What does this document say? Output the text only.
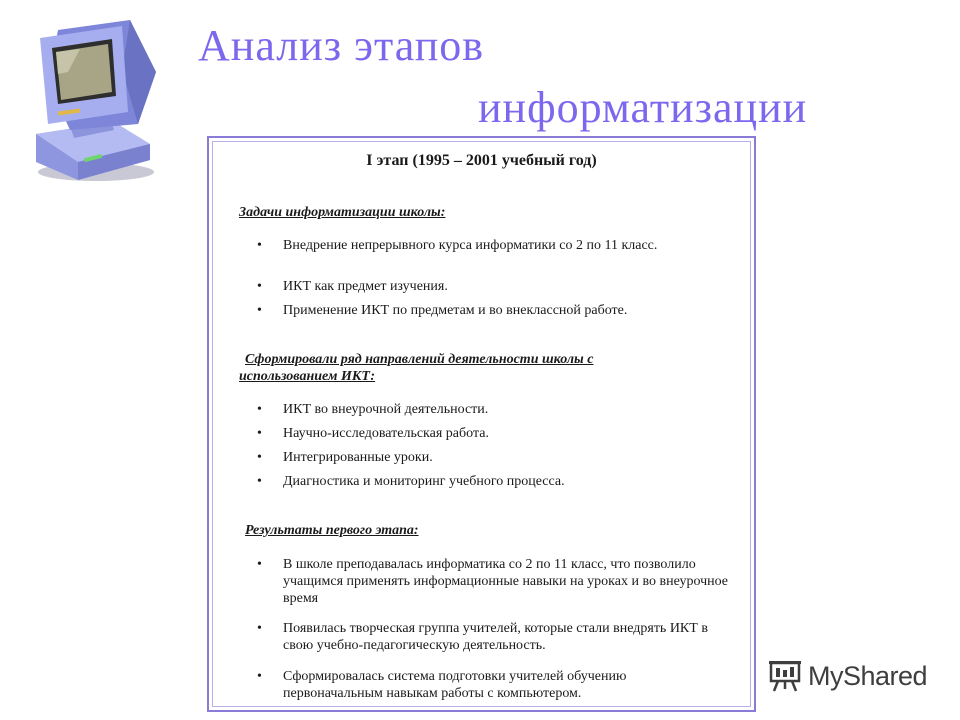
Анализ этапов
информатизации
I этап (1995 – 2001 учебный год)
Задачи информатизации школы:
• Внедрение непрерывного курса информатики со 2 по 11 класс.
• ИКТ как предмет изучения.
• Применение ИКТ по предметам и во внеклассной работе.
Сформировали ряд направлений деятельности школы с
использованием ИКТ:
• ИКТ во внеурочной деятельности.
• Научно-исследовательская работа.
• Интегрированные уроки.
• Диагностика и мониторинг учебного процесса.
Результаты первого этапа:
• В школе преподавалась информатика со 2 по 11 класс, что позволило учащимся применять информационные навыки на уроках и во внеурочное время
• Появилась творческая группа учителей, которые стали внедрять ИКТ в свою учебно-педагогическую деятельность.
• Сформировалась система подготовки учителей обучению первоначальным навыкам работы с компьютером.
MyShared
